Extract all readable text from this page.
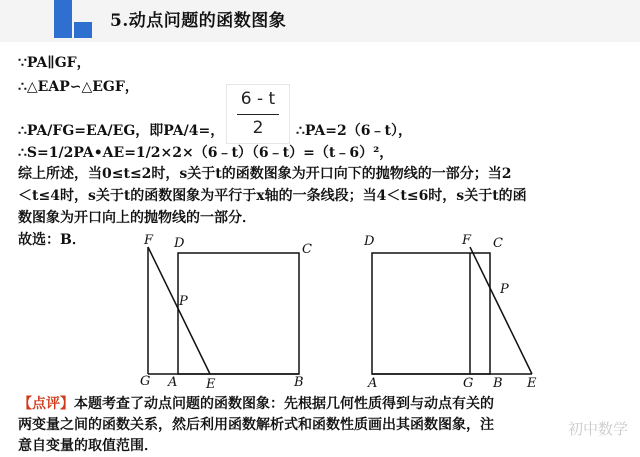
5.动点问题的函数图象
∵PA∥GF，
∴△EAP∽△EGF，
∴PA/FG=EA/EG，即PA/4=，
6 - t
2	∴PA=2（6﹣t），
∴S=1/2PA•AE=1/2×2×（6﹣t）（6﹣t）=（t﹣6）²，
综上所述，当0≤t≤2时，s关于t的函数图象为开口向下的抛物线的一部分；当2
＜t≤4时，s关于t的函数图象为平行于x轴的一条线段；当4＜t≤6时，s关于t的函
数图象为开口向上的抛物线的一部分．
故选：B．	F D	C
P
G A E	B
D	F C
P
A	G	E
B
【点评】本题考查了动点问题的函数图象：先根据几何性质得到与动点有关的
两变量之间的函数关系，然后利用函数解析式和函数性质画出其函数图象，注
意自变量的取值范围．
初中数学
